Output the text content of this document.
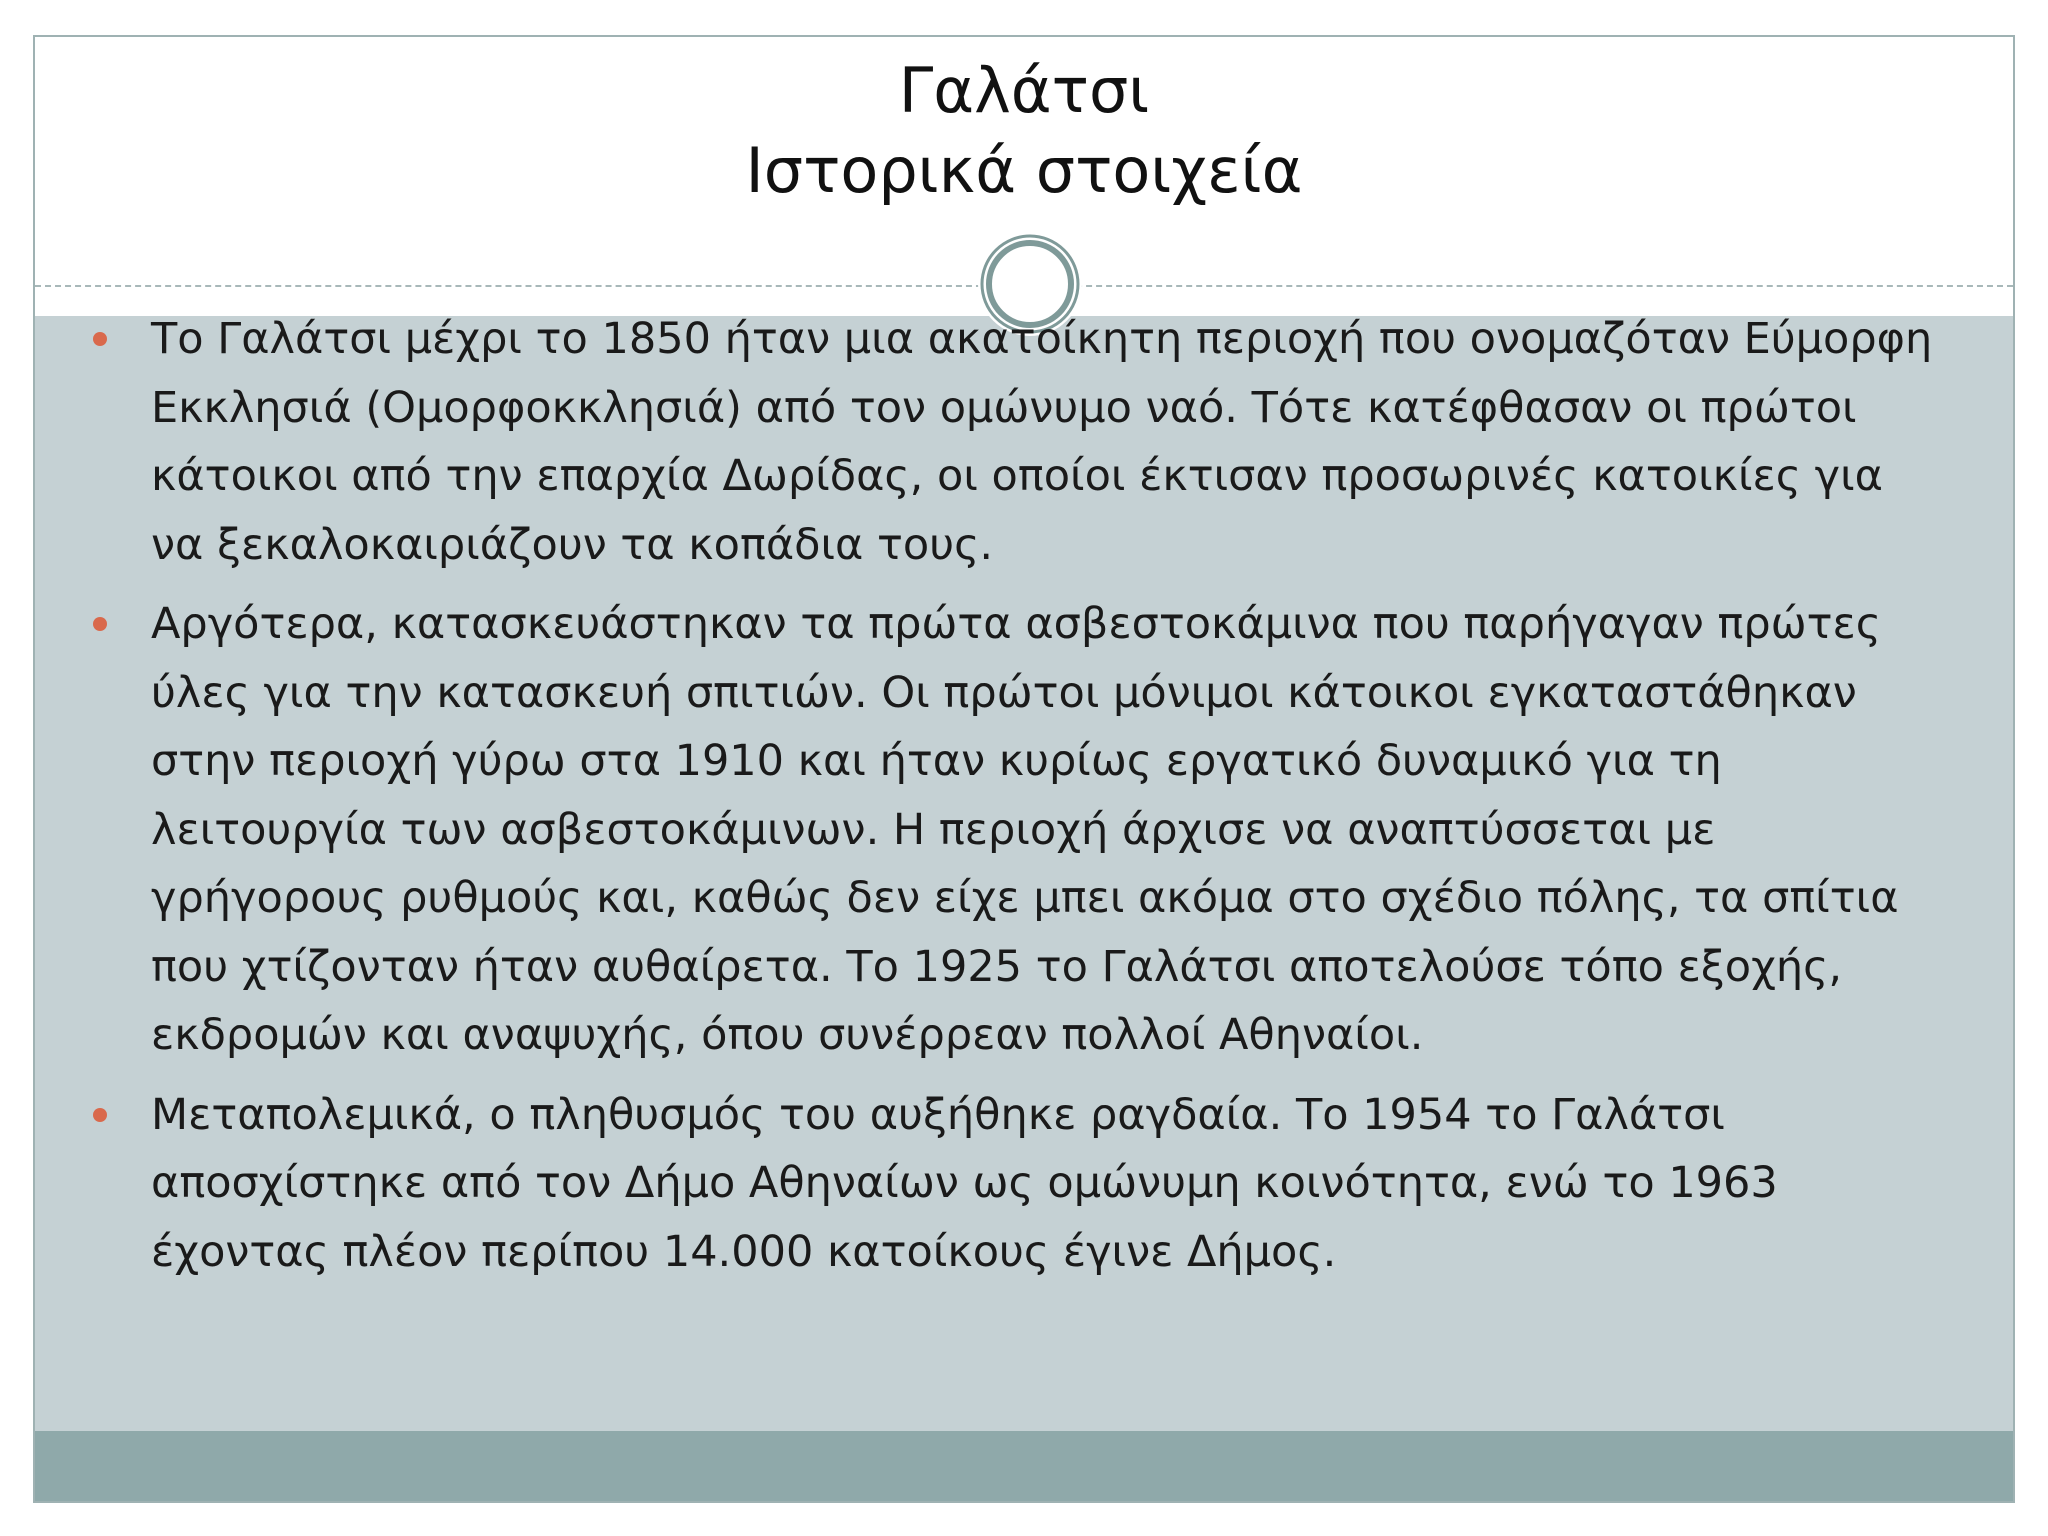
Γαλάτσι
Ιστορικά στοιχεία
Το Γαλάτσι μέχρι το 1850 ήταν μια ακατοίκητη περιοχή που ονομαζόταν Εύμορφη Εκκλησιά (Ομορφοκκλησιά) από τον ομώνυμο ναό. Τότε κατέφθασαν οι πρώτοι κάτοικοι από την επαρχία Δωρίδας, οι οποίοι έκτισαν προσωρινές κατοικίες για να ξεκαλοκαιριάζουν τα κοπάδια τους.
Αργότερα, κατασκευάστηκαν τα πρώτα ασβεστοκάμινα που παρήγαγαν πρώτες ύλες για την κατασκευή σπιτιών. Οι πρώτοι μόνιμοι κάτοικοι εγκαταστάθηκαν στην περιοχή γύρω στα 1910 και ήταν κυρίως εργατικό δυναμικό για τη λειτουργία των ασβεστοκάμινων. Η περιοχή άρχισε να αναπτύσσεται με γρήγορους ρυθμούς και, καθώς δεν είχε μπει ακόμα στο σχέδιο πόλης, τα σπίτια που χτίζονταν ήταν αυθαίρετα. Το 1925 το Γαλάτσι αποτελούσε τόπο εξοχής, εκδρομών και αναψυχής, όπου συνέρρεαν πολλοί Αθηναίοι.
Μεταπολεμικά, ο πληθυσμός του αυξήθηκε ραγδαία. Το 1954 το Γαλάτσι αποσχίστηκε από τον Δήμο Αθηναίων ως ομώνυμη κοινότητα, ενώ το 1963 έχοντας πλέον περίπου 14.000 κατοίκους έγινε Δήμος.
